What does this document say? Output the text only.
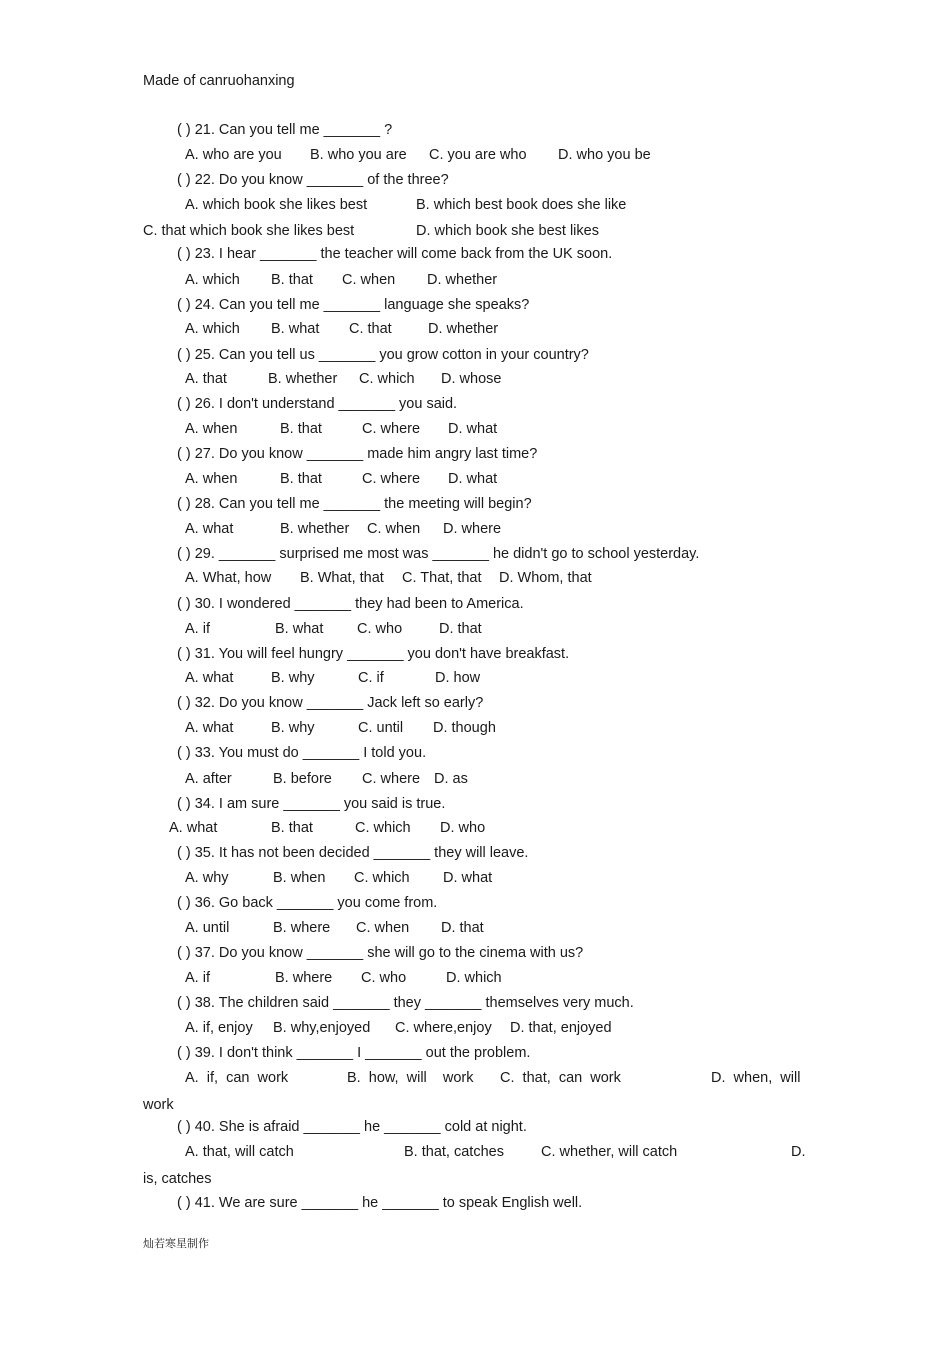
Made of canruohanxing
( ) 21. Can you tell me _______ ?
A. who are you B. who you are C. you are who D. who you be
( ) 22. Do you know _______ of the three?
A. which book she likes best	B. which best book does she like
C. that which book she likes best	D. which book she best likes
( ) 23. I hear _______ the teacher will come back from the UK soon.
A. which B. that C. when D. whether
( ) 24. Can you tell me _______ language she speaks?
A. which B. what C. that	D. whether
( ) 25. Can you tell us _______ you grow cotton in your country?
A. that	B. whether C. which D. whose
( ) 26. I don't understand _______ you said.
A. when	B. that	C. where D. what
( ) 27. Do you know _______ made him angry last time?
A. when	B. that	C. where D. what
( ) 28. Can you tell me _______ the meeting will begin?
A. what	B. whether C. when D. where
( ) 29. _______ surprised me most was _______ he didn't go to school yesterday.
A. What, how B. What, that C. That, that D. Whom, that
( ) 30. I wondered _______ they had been to America.
A. if	B. what C. who	D. that
( ) 31. You will feel hungry _______ you don't have breakfast.
A. what	B. why	C. if	D. how
( ) 32. Do you know _______ Jack left so early?
A. what	B. why	C. until D. though
( ) 33. You must do _______ I told you.
A. after	B. before C. where D. as
( ) 34. I am sure _______ you said is true.
A. what	B. that	C. which D. who
( ) 35. It has not been decided _______ they will leave.
A. why	B. when C. which D. what
( ) 36. Go back _______ you come from.
A. until	B. where C. when D. that
( ) 37. Do you know _______ she will go to the cinema with us?
A. if	B. where C. who	D. which
( ) 38. The children said _______ they _______ themselves very much.
A. if, enjoy B. why,enjoyed C. where,enjoy D. that, enjoyed
( ) 39. I don't think _______ I _______ out the problem.
A.  if,  can  work	B.  how,  will    work C.  that,  can  work	D.  when,  will
work
( ) 40. She is afraid _______ he _______ cold at night.
A. that, will catch	B. that, catches	C. whether, will catch	D.
is, catches
( ) 41. We are sure _______ he _______ to speak English well.
灿若寒星制作
